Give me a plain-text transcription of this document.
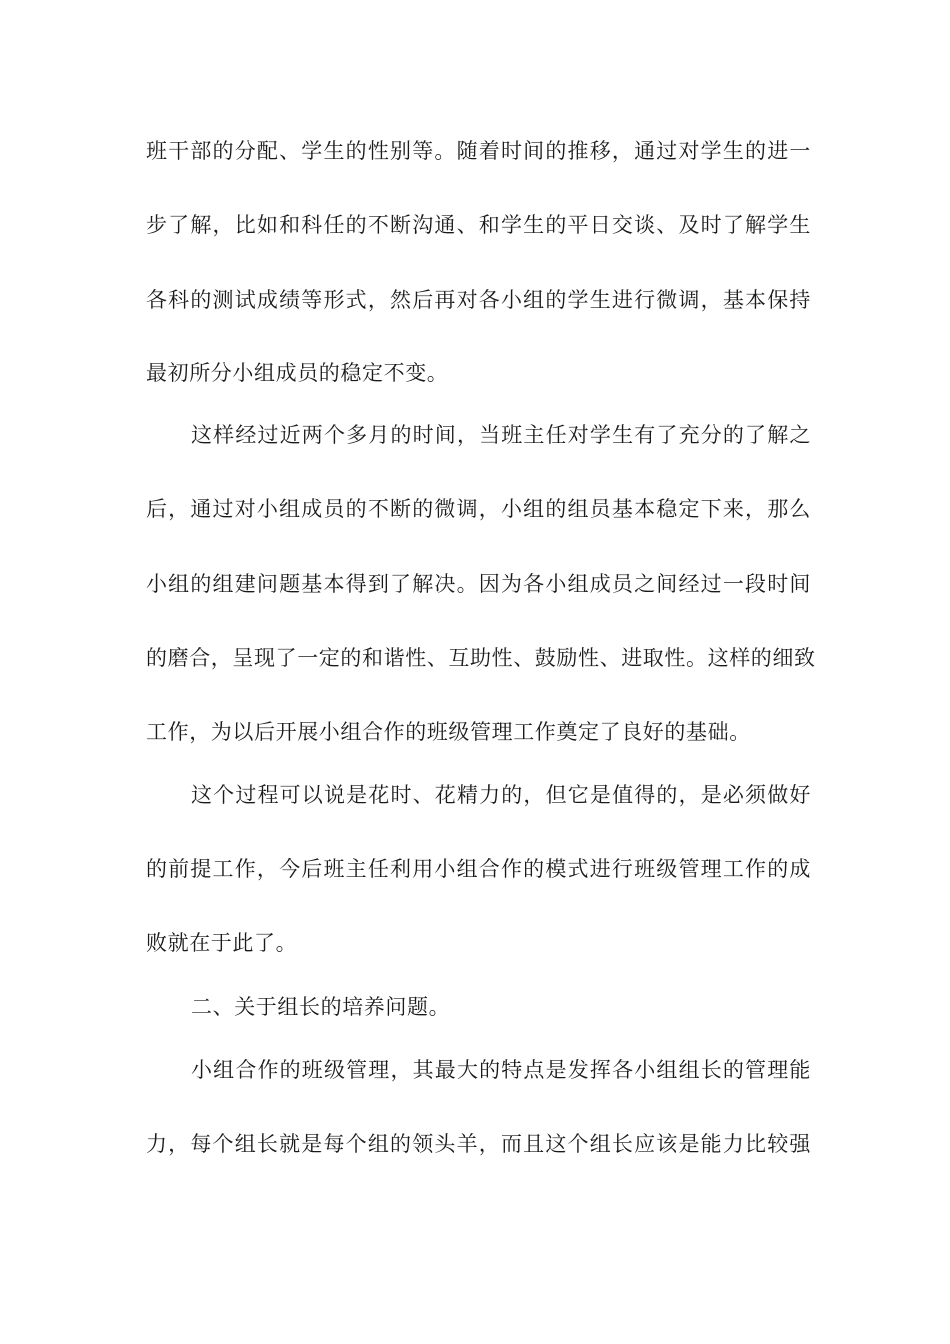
班干部的分配、学生的性别等。随着时间的推移，通过对学生的进一
步了解，比如和科任的不断沟通、和学生的平日交谈、及时了解学生
各科的测试成绩等形式，然后再对各小组的学生进行微调，基本保持
最初所分小组成员的稳定不变。
这样经过近两个多月的时间，当班主任对学生有了充分的了解之
后，通过对小组成员的不断的微调，小组的组员基本稳定下来，那么
小组的组建问题基本得到了解决。因为各小组成员之间经过一段时间
的磨合，呈现了一定的和谐性、互助性、鼓励性、进取性。这样的细致
工作，为以后开展小组合作的班级管理工作奠定了良好的基础。
这个过程可以说是花时、花精力的，但它是值得的，是必须做好
的前提工作，今后班主任利用小组合作的模式进行班级管理工作的成
败就在于此了。
二、关于组长的培养问题。
小组合作的班级管理，其最大的特点是发挥各小组组长的管理能
力，每个组长就是每个组的领头羊，而且这个组长应该是能力比较强
